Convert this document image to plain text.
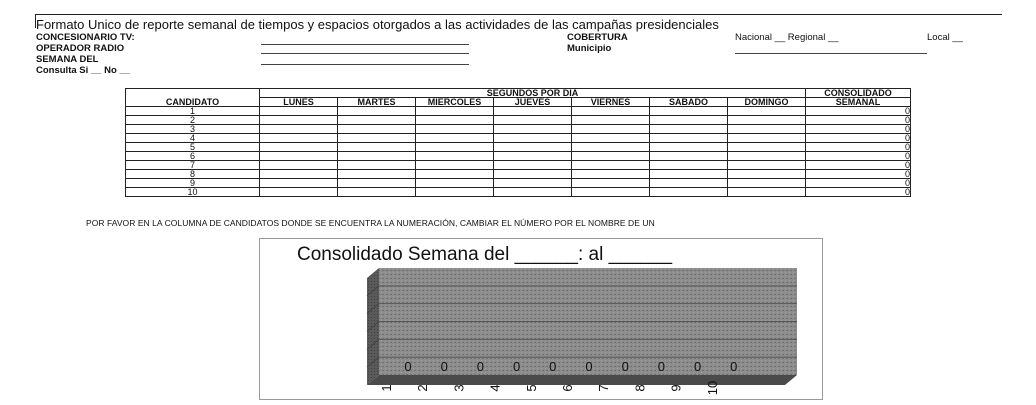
Formato Unico de reporte semanal de tiempos y espacios otorgados a las actividades de las campañas presidenciales
CONCESIONARIO TV:
OPERADOR RADIO
SEMANA DEL
Consulta Si __ No __
COBERTURA
Municipio
Nacional __ Regional __	Local __
	SEGUNDOS POR DIA							CONSOLIDADO
CANDIDATO	LUNES	MARTES	MIERCOLES	JUEVES	VIERNES	SABADO	DOMINGO	SEMANAL
1								0
2								0
3								0
4								0
5								0
6								0
7								0
8								0
9								0
10								0
POR FAVOR EN LA COLUMNA DE CANDIDATOS DONDE SE ENCUENTRA LA NUMERACIÓN, CAMBIAR EL NÚMERO POR EL NOMBRE DE UN
Consolidado Semana del ______: al ______
0
1
0
2
0
3
0
4
0
5
0
6
0
7
0
8
0
9
0
10
